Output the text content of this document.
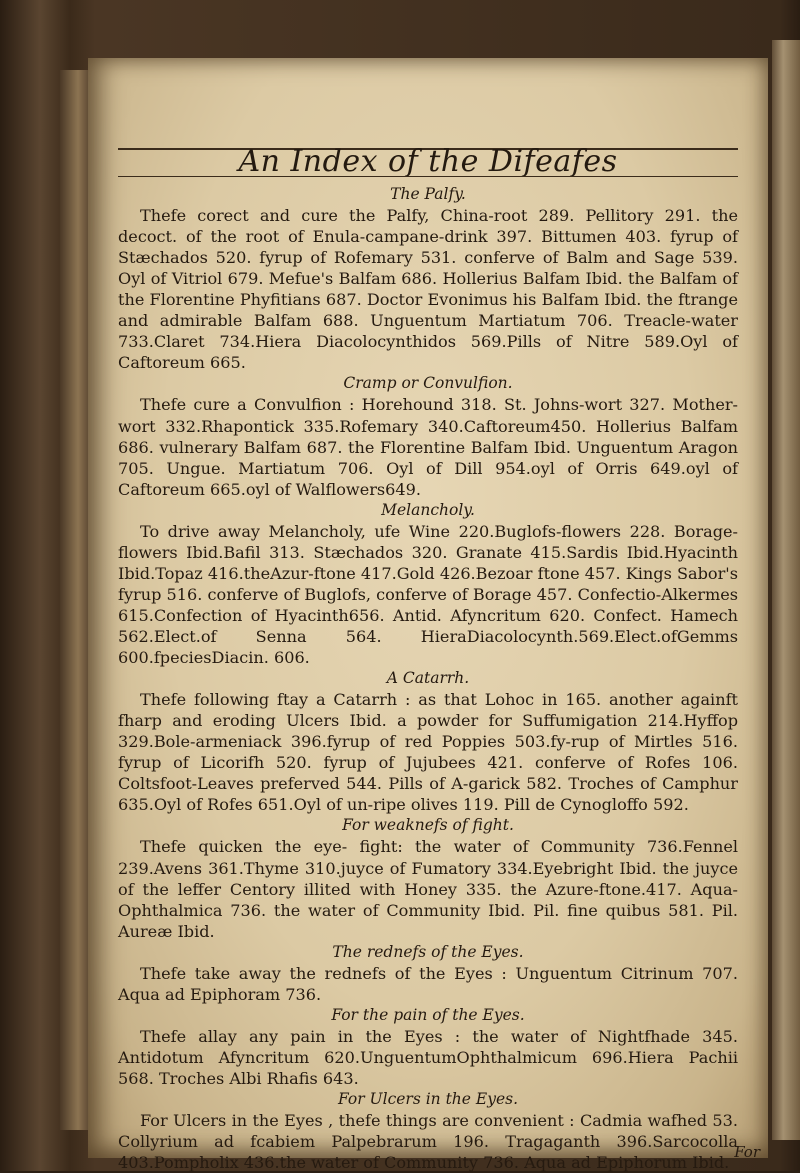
An Index of the Difeafes
The Palfy.

Thefe corect and cure the Palfy, China-root 289. Pellitory 291. the decoct. of the root of Enula-campane-drink 397. Bittumen 403. fyrup of Stæchados 520. fyrup of Rofemary 531. conferve of Balm and Sage 539. Oyl of Vitriol 679. Mefue's Balfam 686. Hollerius Balfam Ibid. the Balfam of the Florentine Phyfitians 687. Doctor Evonimus his Balfam Ibid. the ftrange and admirable Balfam 688. Unguentum Martiatum 706. Treacle-water 733.Claret 734.Hiera Diacolocynthidos 569.Pills of Nitre 589.Oyl of Caftoreum 665.

Cramp or Convulfion.

Thefe cure a Convulfion : Horehound 318. St. Johns-wort 327. Mother-wort 332.Rhapontick 335.Rofemary 340.Caftoreum450. Hollerius Balfam 686. vulnerary Balfam 687. the Florentine Balfam Ibid. Unguentum Aragon 705. Ungue. Martiatum 706. Oyl of Dill 954.oyl of Orris 649.oyl of Caftoreum 665.oyl of Walflowers649.

Melancholy.

To drive away Melancholy, ufe Wine 220.Buglofs-flowers 228. Borage-flowers Ibid.Bafil 313. Stæchados 320. Granate 415.Sardis Ibid.Hyacinth Ibid.Topaz 416.theAzur-ftone 417.Gold 426.Bezoar ftone 457. Kings Sabor's fyrup 516. conferve of Buglofs, conferve of Borage 457. Confectio-Alkermes 615.Confection of Hyacinth656. Antid. Afyncritum 620. Confect. Hamech 562.Elect.of Senna 564. HieraDiacolocynth.569.Elect.ofGemms 600.fpeciesDiacin. 606.

A Catarrh.

Thefe following ftay a Catarrh : as that Lohoc in 165. another againft fharp and eroding Ulcers Ibid. a powder for Suffumigation 214.Hyffop 329.Bole-armeniack 396.fyrup of red Poppies 503.fy-rup of Mirtles 516. fyrup of Licorifh 520. fyrup of Jujubees 421. conferve of Rofes 106. Coltsfoot-Leaves preferved 544. Pills of A-garick 582. Troches of Camphur 635.Oyl of Rofes 651.Oyl of un-ripe olives 119. Pill de Cynogloffo 592.

For weaknefs of fight.

Thefe quicken the eye- fight: the water of Community 736.Fennel 239.Avens 361.Thyme 310.juyce of Fumatory 334.Eyebright Ibid. the juyce of the leffer Centory illited with Honey 335. the Azure-ftone.417. Aqua-Ophthalmica 736. the water of Community Ibid. Pil. fine quibus 581. Pil. Aureæ Ibid.

The rednefs of the Eyes.

Thefe take away the rednefs of the Eyes : Unguentum Citrinum 707. Aqua ad Epiphoram 736.

For the pain of the Eyes.

Thefe allay any pain in the Eyes : the water of Nightfhade 345. Antidotum Afyncritum 620.UnguentumOphthalmicum 696.Hiera Pachii 568. Troches Albi Rhafis 643.

For Ulcers in the Eyes.

For Ulcers in the Eyes , thefe things are convenient : Cadmia wafhed 53. Collyrium ad fcabiem Palpebrarum 196. Tragaganth 396.Sarcocolla 403.Pompholix 436.the water of Community 736. Aqua ad Epiphorum Ibid.

For
